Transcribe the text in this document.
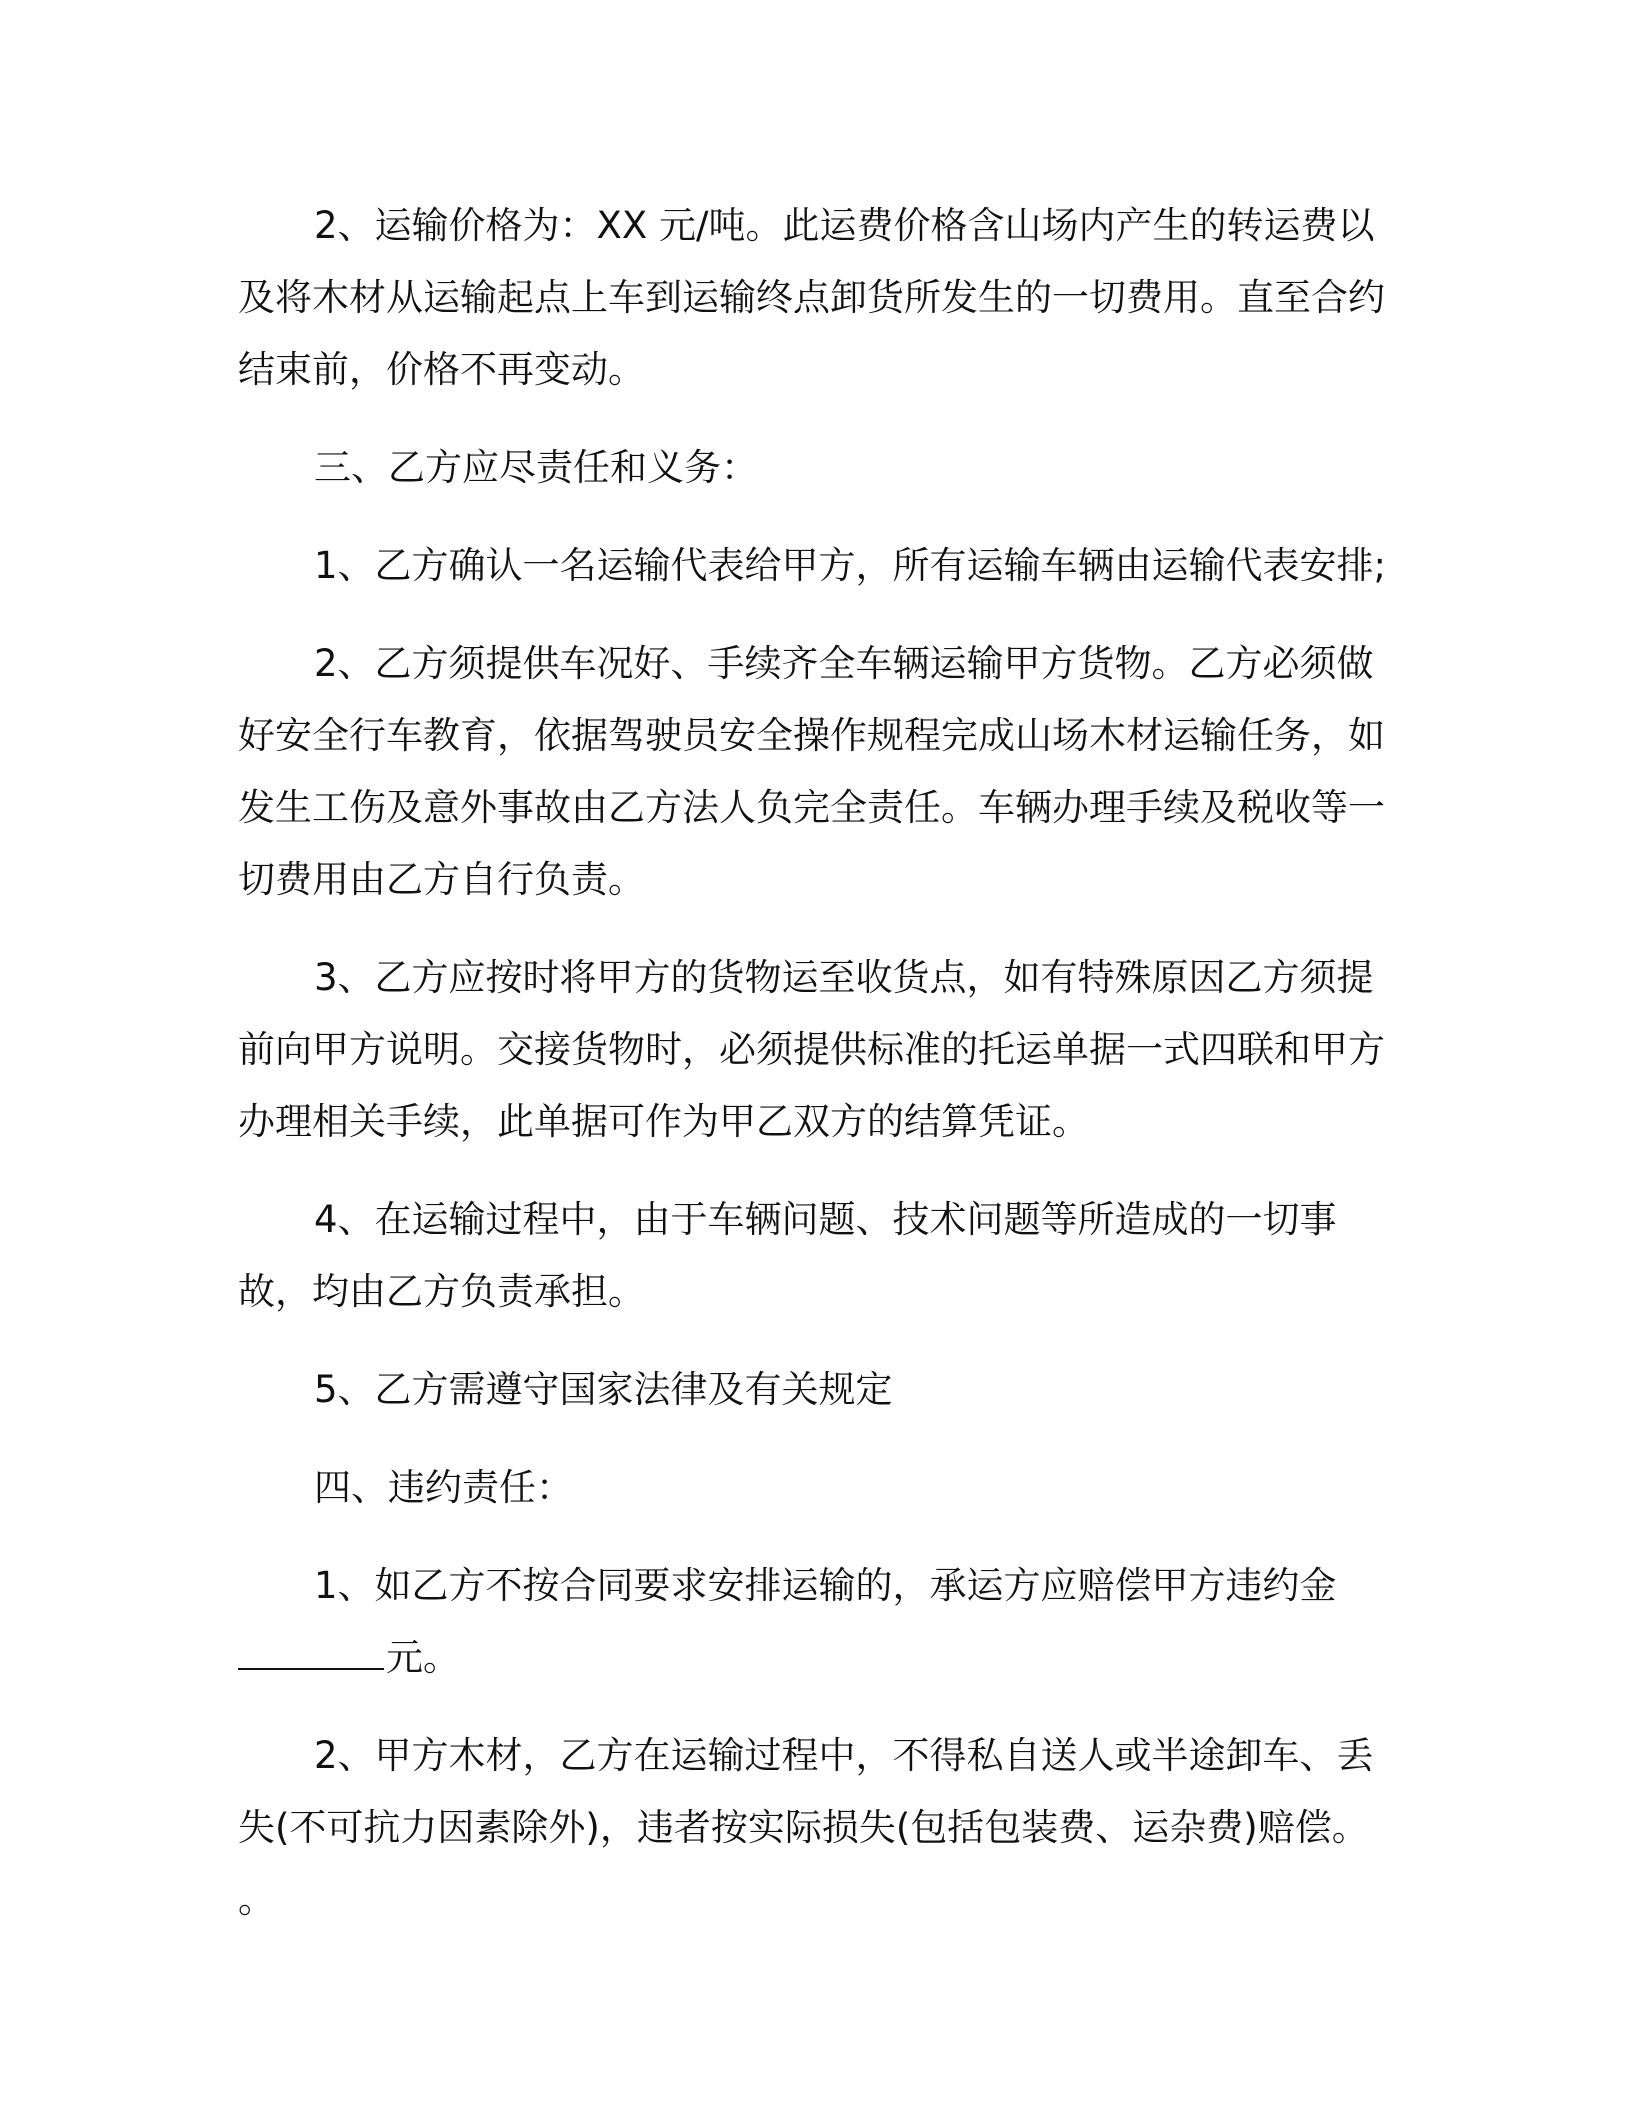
2、运输价格为：XX 元/吨。此运费价格含山场内产生的转运费以及将木材从运输起点上车到运输终点卸货所发生的一切费用。直至合约结束前，价格不再变动。

三、乙方应尽责任和义务：

1、乙方确认一名运输代表给甲方，所有运输车辆由运输代表安排;

2、乙方须提供车况好、手续齐全车辆运输甲方货物。乙方必须做好安全行车教育，依据驾驶员安全操作规程完成山场木材运输任务，如发生工伤及意外事故由乙方法人负完全责任。车辆办理手续及税收等一切费用由乙方自行负责。

3、乙方应按时将甲方的货物运至收货点，如有特殊原因乙方须提前向甲方说明。交接货物时，必须提供标准的托运单据一式四联和甲方办理相关手续，此单据可作为甲乙双方的结算凭证。

4、在运输过程中，由于车辆问题、技术问题等所造成的一切事故，均由乙方负责承担。

5、乙方需遵守国家法律及有关规定

四、违约责任：

1、如乙方不按合同要求安排运输的，承运方应赔偿甲方违约金元。

2、甲方木材，乙方在运输过程中，不得私自送人或半途卸车、丢失(不可抗力因素除外)，违者按实际损失(包括包装费、运杂费)赔偿。 。
